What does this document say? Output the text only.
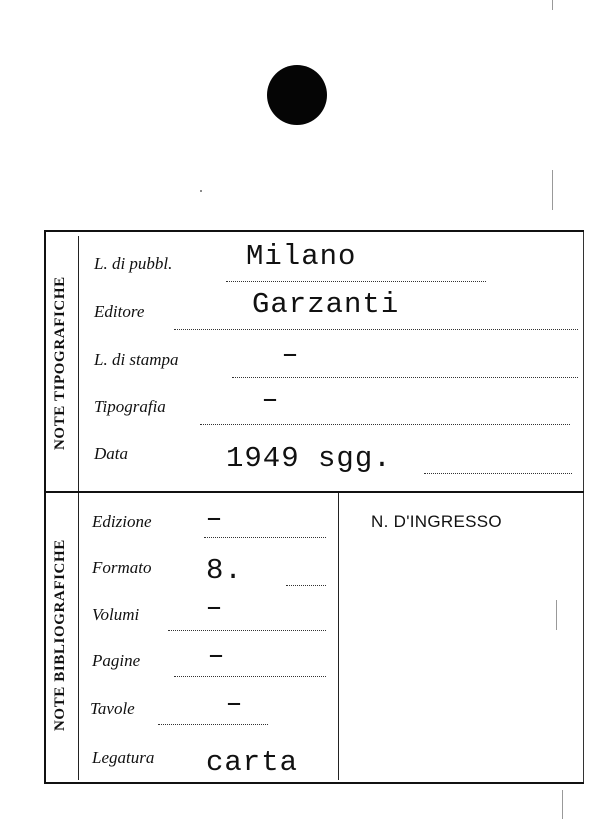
NOTE TIPOGRAFICHE
NOTE BIBLIOGRAFICHE
L. di pubbl.	Milano
Editore	Garzanti
L. di stampa	—
Tipografia	—
Data	1949 sgg.
Edizione	—
Formato 8.
Volumi	—
Pagine	—
Tavole	—
Legatura carta
N. D'INGRESSO
